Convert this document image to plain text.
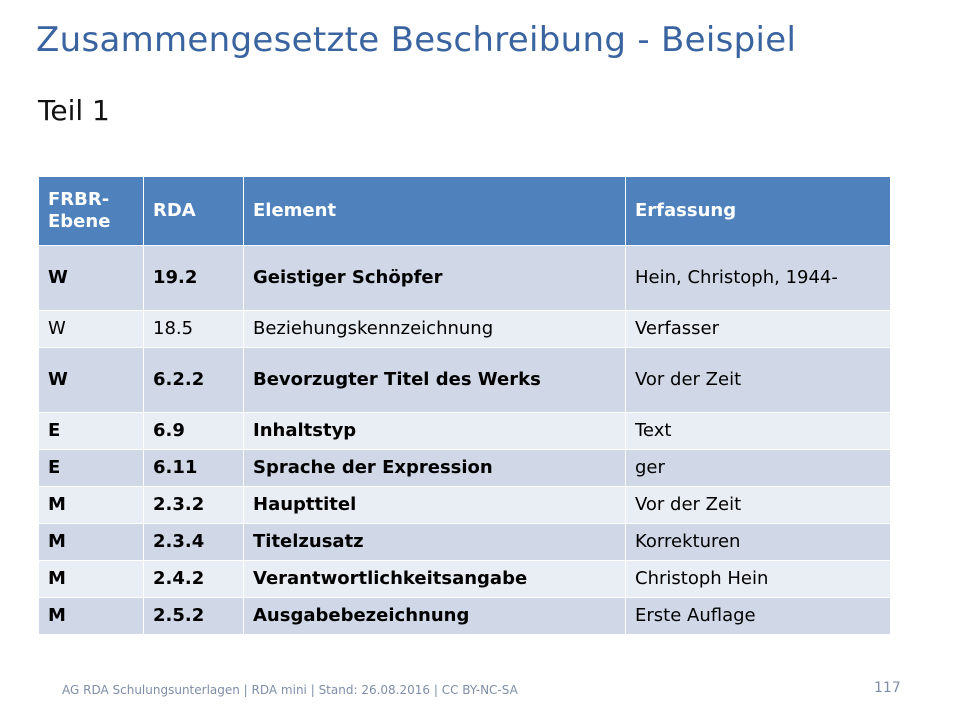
Zusammengesetzte Beschreibung - Beispiel
Teil 1
FRBR-Ebene	RDA	Element	Erfassung
W	19.2	Geistiger Schöpfer	Hein, Christoph, 1944-
W	18.5	Beziehungskennzeichnung	Verfasser
W	6.2.2	Bevorzugter Titel des Werks	Vor der Zeit
E	6.9	Inhaltstyp	Text
E	6.11	Sprache der Expression	ger
M	2.3.2	Haupttitel	Vor der Zeit
M	2.3.4	Titelzusatz	Korrekturen
M	2.4.2	Verantwortlichkeitsangabe	Christoph Hein
M	2.5.2	Ausgabebezeichnung	Erste Auflage
AG RDA Schulungsunterlagen | RDA mini | Stand: 26.08.2016 | CC BY-NC-SA	117
